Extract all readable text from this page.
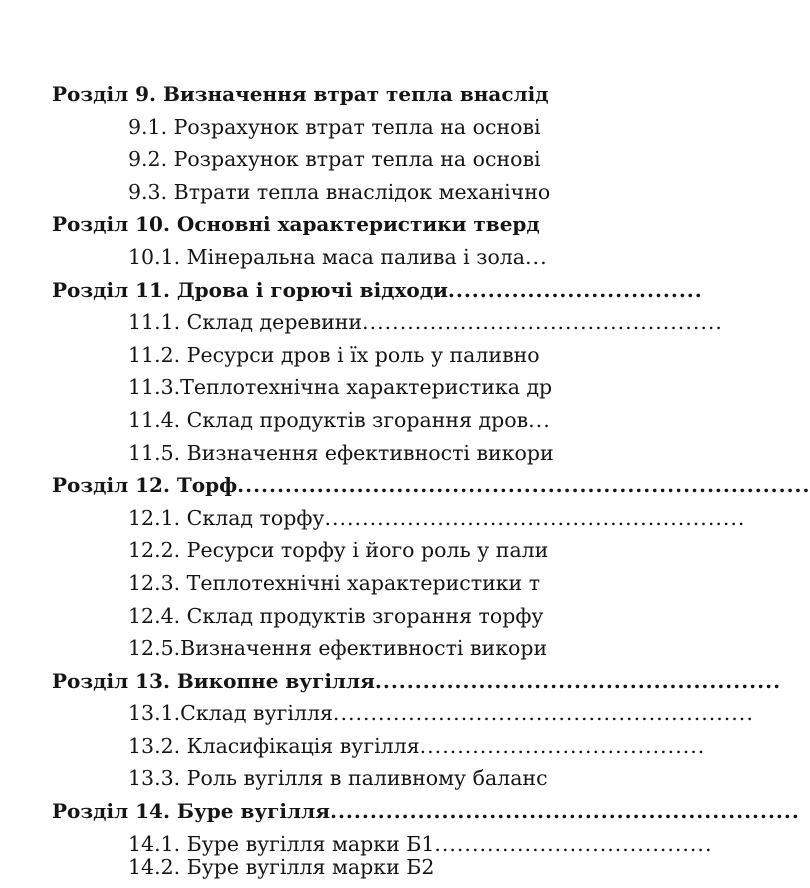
Розділ 9. Визначення втрат тепла внаслід
9.1. Розрахунок втрат тепла на основі
9.2. Розрахунок втрат тепла на основі
9.3. Втрати тепла внаслідок механічно
Розділ 10. Основні характеристики тверд
10.1. Мінеральна маса палива і зола...
Розділ 11. Дрова і горючі відходи................................
11.1. Склад деревини................................................
11.2. Ресурси дров і їх роль у паливно
11.3.Теплотехнічна характеристика др
11.4. Склад продуктів згорання дров...
11.5. Визначення ефективності викори
Розділ 12. Торф........................................................................
12.1. Склад торфу........................................................
12.2. Ресурси торфу і його роль у пали
12.3. Теплотехнічні характеристики т
12.4. Склад продуктів згорання торфу
12.5.Визначення ефективності викори
Розділ 13. Викопне вугілля...................................................
13.1.Склад вугілля........................................................
13.2. Класифікація вугілля......................................
13.3. Роль вугілля в паливному баланс
Розділ 14. Буре вугілля...........................................................
14.1. Буре вугілля марки Б1.....................................
14.2. Буре вугілля марки Б2
